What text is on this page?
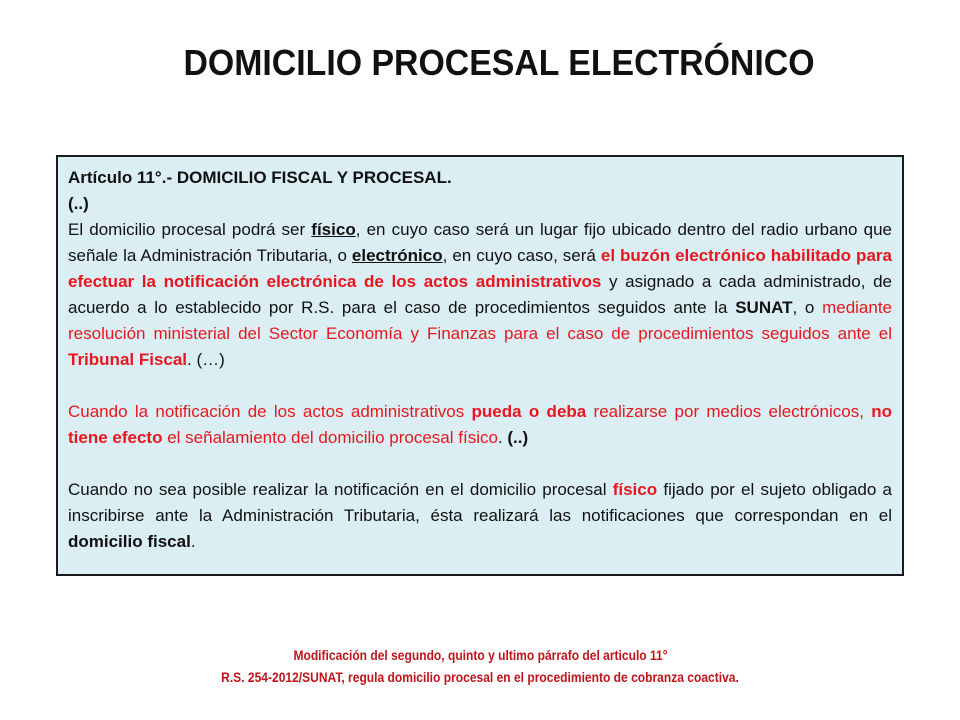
DOMICILIO PROCESAL ELECTRÓNICO

Artículo 11°.- DOMICILIO FISCAL Y PROCESAL.

(..)

El domicilio procesal podrá ser físico, en cuyo caso será un lugar fijo ubicado dentro del radio urbano que señale la Administración Tributaria, o electrónico, en cuyo caso, será el buzón electrónico habilitado para efectuar la notificación electrónica de los actos administrativos y asignado a cada administrado, de acuerdo a lo establecido por R.S. para el caso de procedimientos seguidos ante la SUNAT, o mediante resolución ministerial del Sector Economía y Finanzas para el caso de procedimientos seguidos ante el Tribunal Fiscal. (…)

Cuando la notificación de los actos administrativos pueda o deba realizarse por medios electrónicos, no tiene efecto el señalamiento del domicilio procesal físico. (..)

Cuando no sea posible realizar la notificación en el domicilio procesal físico fijado por el sujeto obligado a inscribirse ante la Administración Tributaria, ésta realizará las notificaciones que correspondan en el domicilio fiscal.

Modificación del segundo, quinto y ultimo párrafo del articulo 11°
R.S. 254-2012/SUNAT, regula domicilio procesal en el procedimiento de cobranza coactiva.
